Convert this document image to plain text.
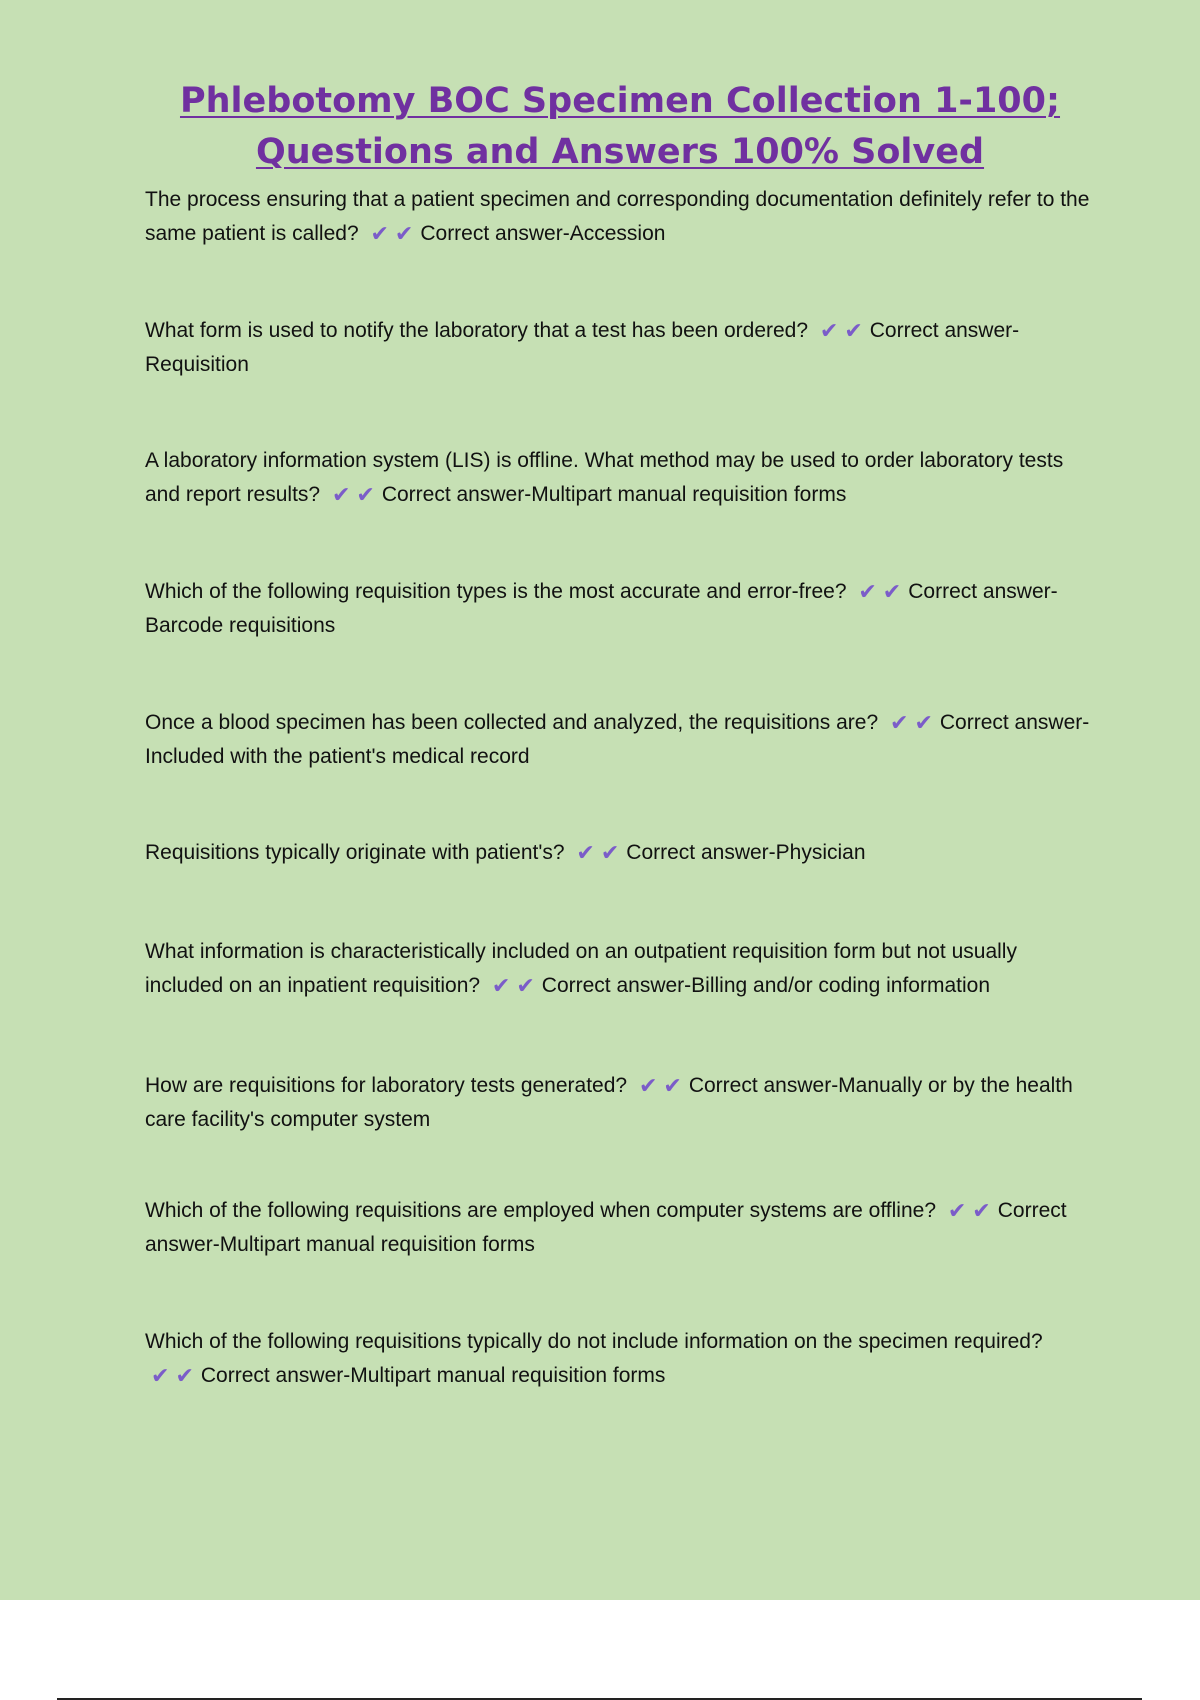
Phlebotomy BOC Specimen Collection 1-100;
Questions and Answers 100% Solved

The process ensuring that a patient specimen and corresponding documentation definitely refer to the same patient is called? ✔ ✔ Correct answer-Accession

What form is used to notify the laboratory that a test has been ordered? ✔ ✔ Correct answer-Requisition

A laboratory information system (LIS) is offline. What method may be used to order laboratory tests and report results? ✔ ✔ Correct answer-Multipart manual requisition forms

Which of the following requisition types is the most accurate and error-free? ✔ ✔ Correct answer-Barcode requisitions

Once a blood specimen has been collected and analyzed, the requisitions are? ✔ ✔ Correct answer-Included with the patient's medical record

Requisitions typically originate with patient's? ✔ ✔ Correct answer-Physician

What information is characteristically included on an outpatient requisition form but not usually included on an inpatient requisition? ✔ ✔ Correct answer-Billing and/or coding information

How are requisitions for laboratory tests generated? ✔ ✔ Correct answer-Manually or by the health care facility's computer system

Which of the following requisitions are employed when computer systems are offline? ✔ ✔ Correct answer-Multipart manual requisition forms

Which of the following requisitions typically do not include information on the specimen required? ✔ ✔ Correct answer-Multipart manual requisition forms
